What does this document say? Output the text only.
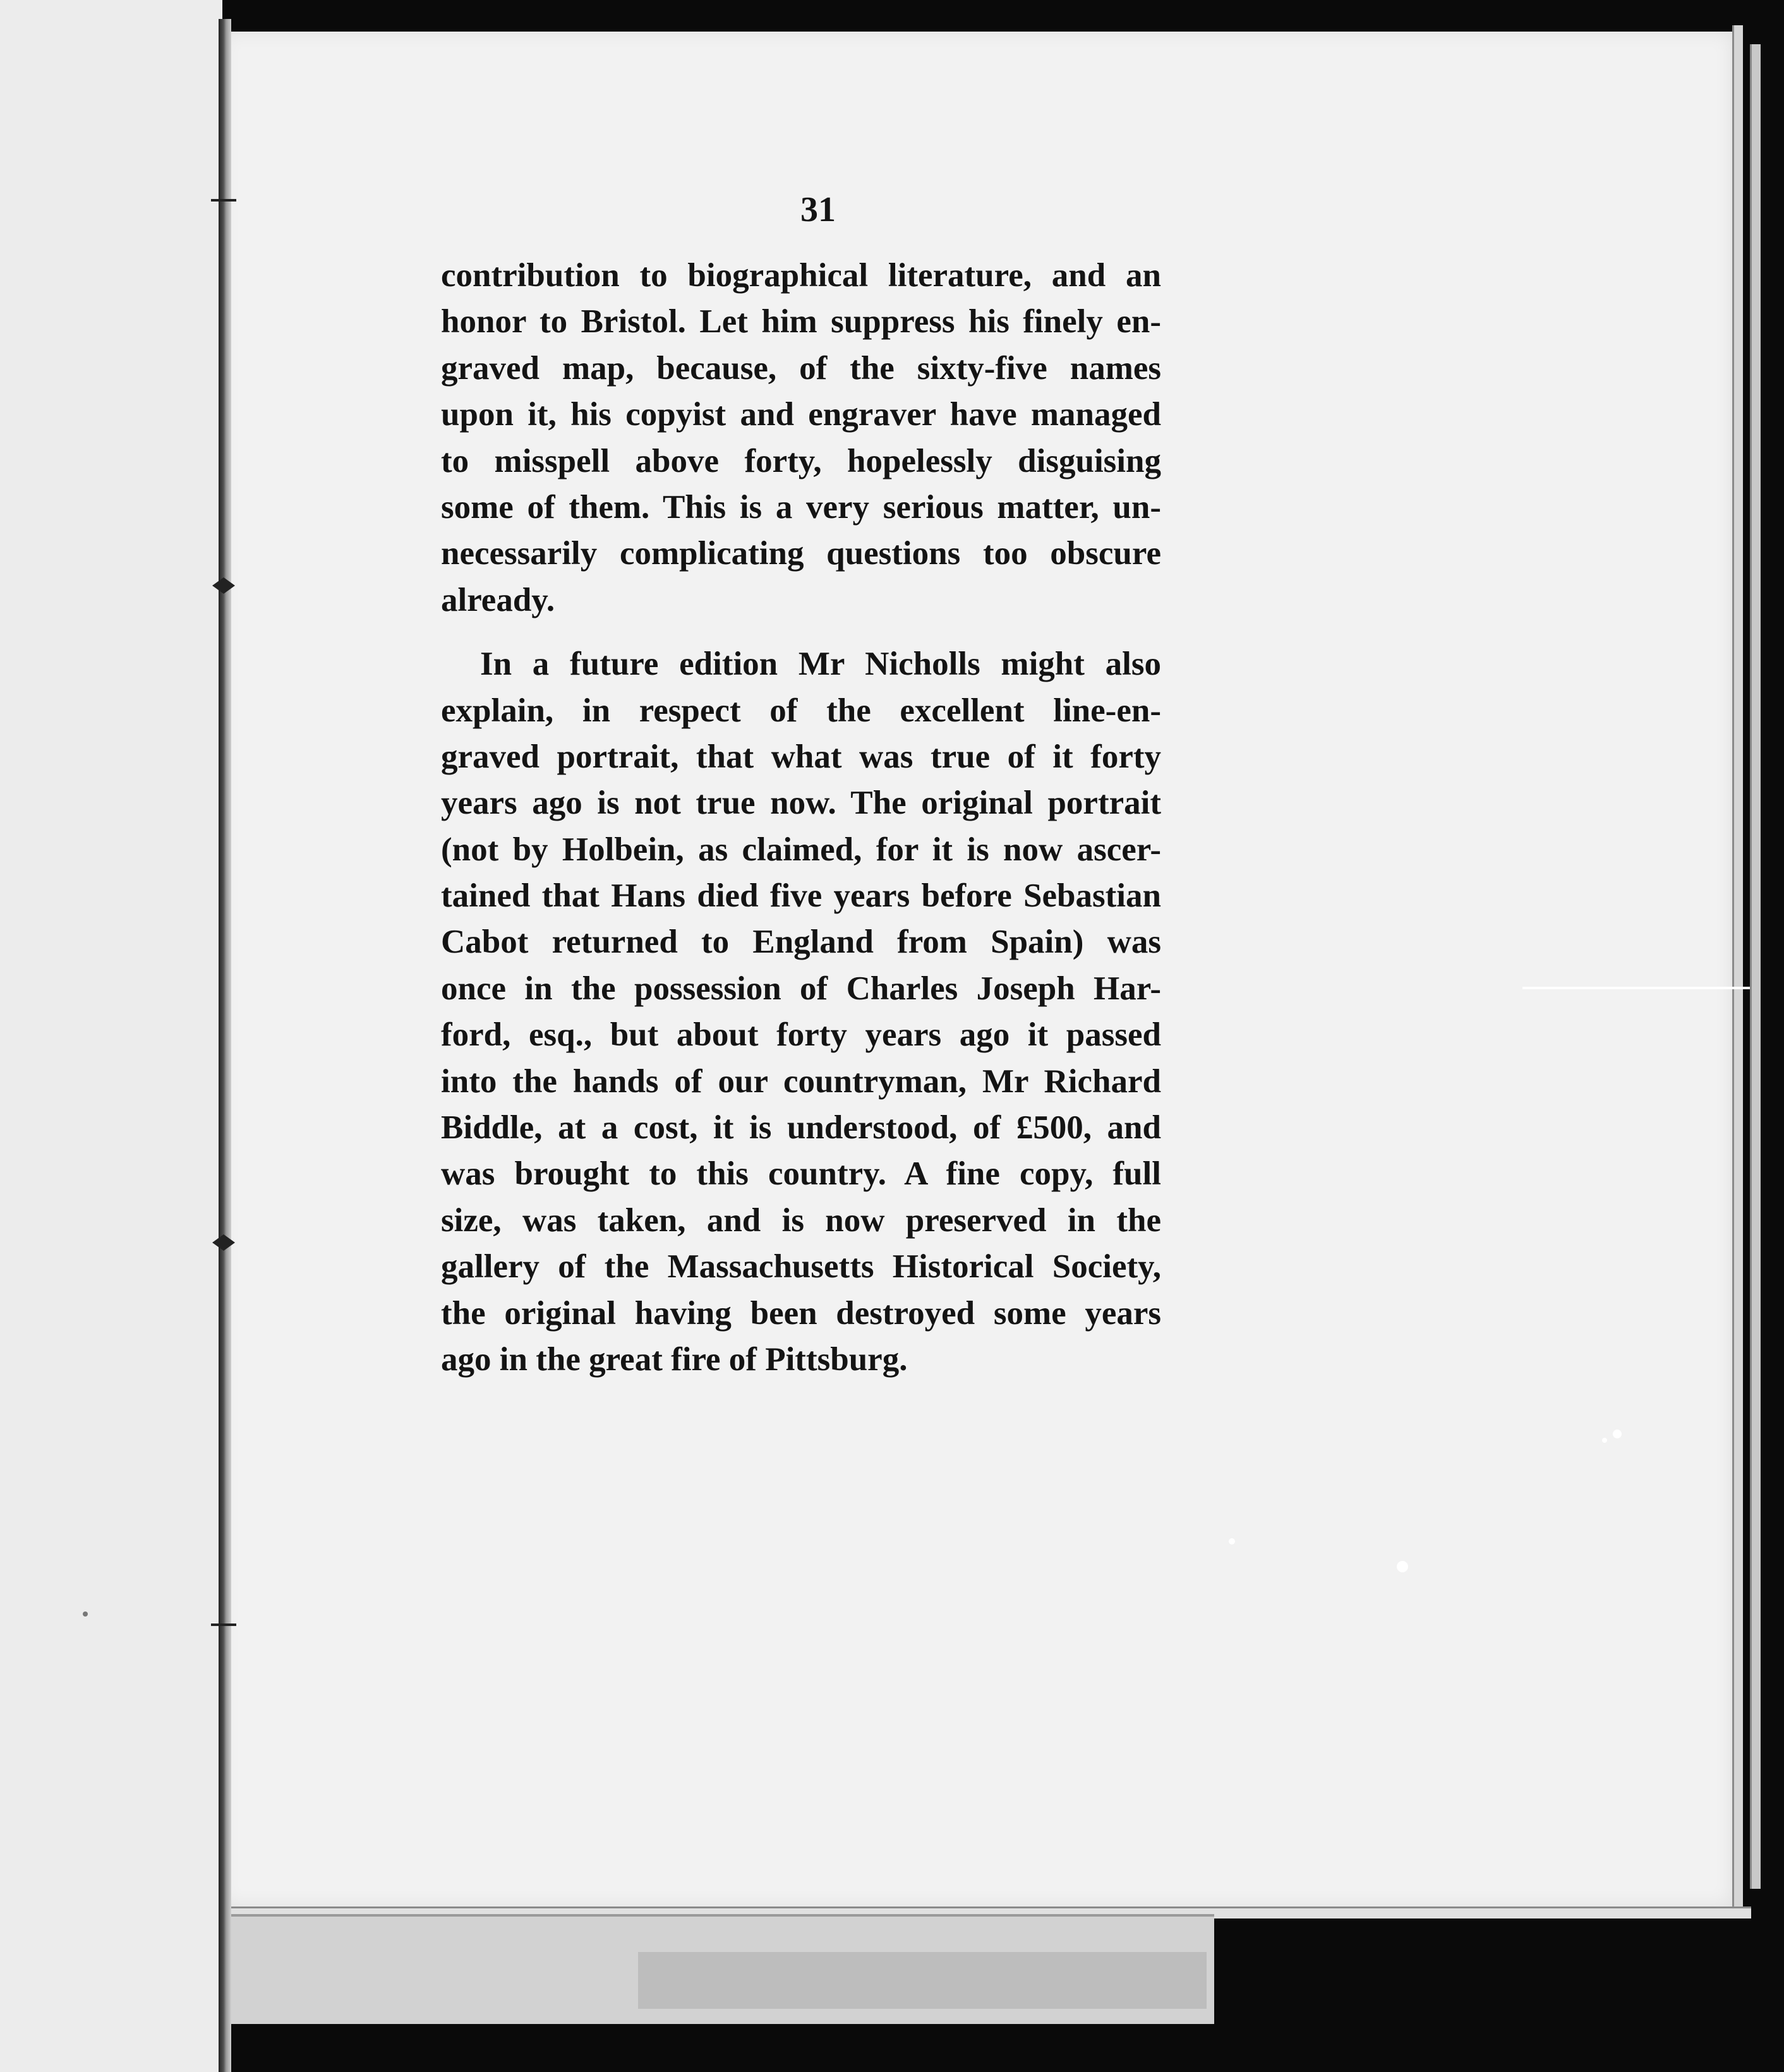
31
contribution to biographical literature, and an
honor to Bristol. Let him suppress his finely en-
graved map, because, of the sixty-five names
upon it, his copyist and engraver have managed
to misspell above forty, hopelessly disguising
some of them. This is a very serious matter, un-
necessarily complicating questions too obscure
already.
In a future edition Mr Nicholls might also
explain, in respect of the excellent line-en-
graved portrait, that what was true of it forty
years ago is not true now. The original portrait
(not by Holbein, as claimed, for it is now ascer-
tained that Hans died five years before Sebastian
Cabot returned to England from Spain) was
once in the possession of Charles Joseph Har-
ford, esq., but about forty years ago it passed
into the hands of our countryman, Mr Richard
Biddle, at a cost, it is understood, of £500, and
was brought to this country. A fine copy, full
size, was taken, and is now preserved in the
gallery of the Massachusetts Historical Society,
the original having been destroyed some years
ago in the great fire of Pittsburg.
